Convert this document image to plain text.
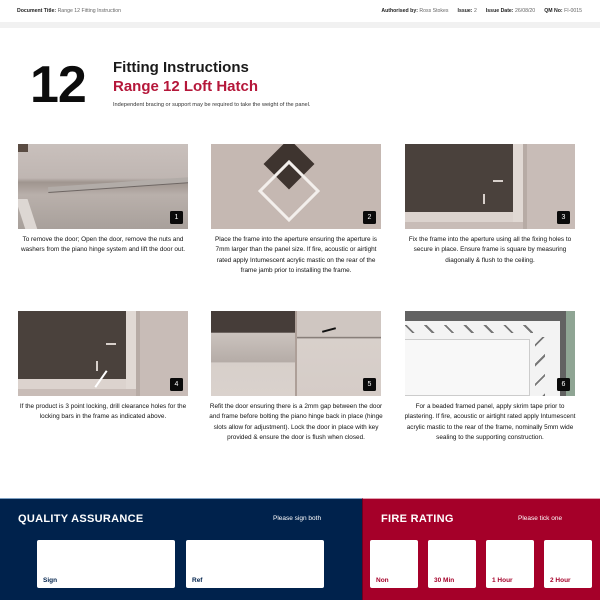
Document Title: Range 12 Fitting Instruction	Authorised by: Ross Stokes Issue: 2 Issue Date: 26/08/20 QM No: FI-0015
12 Fitting Instructions
Range 12 Loft Hatch
Independent bracing or support may be required to take the weight of the panel.
1
To remove the door; Open the door, remove the nuts and washers from the piano hinge system and lift the door out.
2
Place the frame into the aperture ensuring the aperture is 7mm larger than the panel size. If fire, acoustic or airtight rated apply Intumescent acrylic mastic on the rear of the frame jamb prior to installing the frame.
3
Fix the frame into the aperture using all the fixing holes to secure in place. Ensure frame is square by measuring diagonally & flush to the ceiling.
4
If the product is 3 point locking, drill clearance holes for the locking bars in the frame as indicated above.
5
Refit the door ensuring there is a 2mm gap between the door and frame before bolting the piano hinge back in place (hinge slots allow for adjustment). Lock the door in place with key provided & ensure the door is flush when closed.
6
For a beaded framed panel, apply skrim tape prior to plastering. If fire, acoustic or airtight rated apply Intumescent acrylic mastic to the rear of the frame, nominally 5mm wide sealing to the supporting construction.
QUALITY ASSURANCE	Please sign both
Sign	Ref
FIRE RATING	Please tick one
Non	30 Min	1 Hour	2 Hour
